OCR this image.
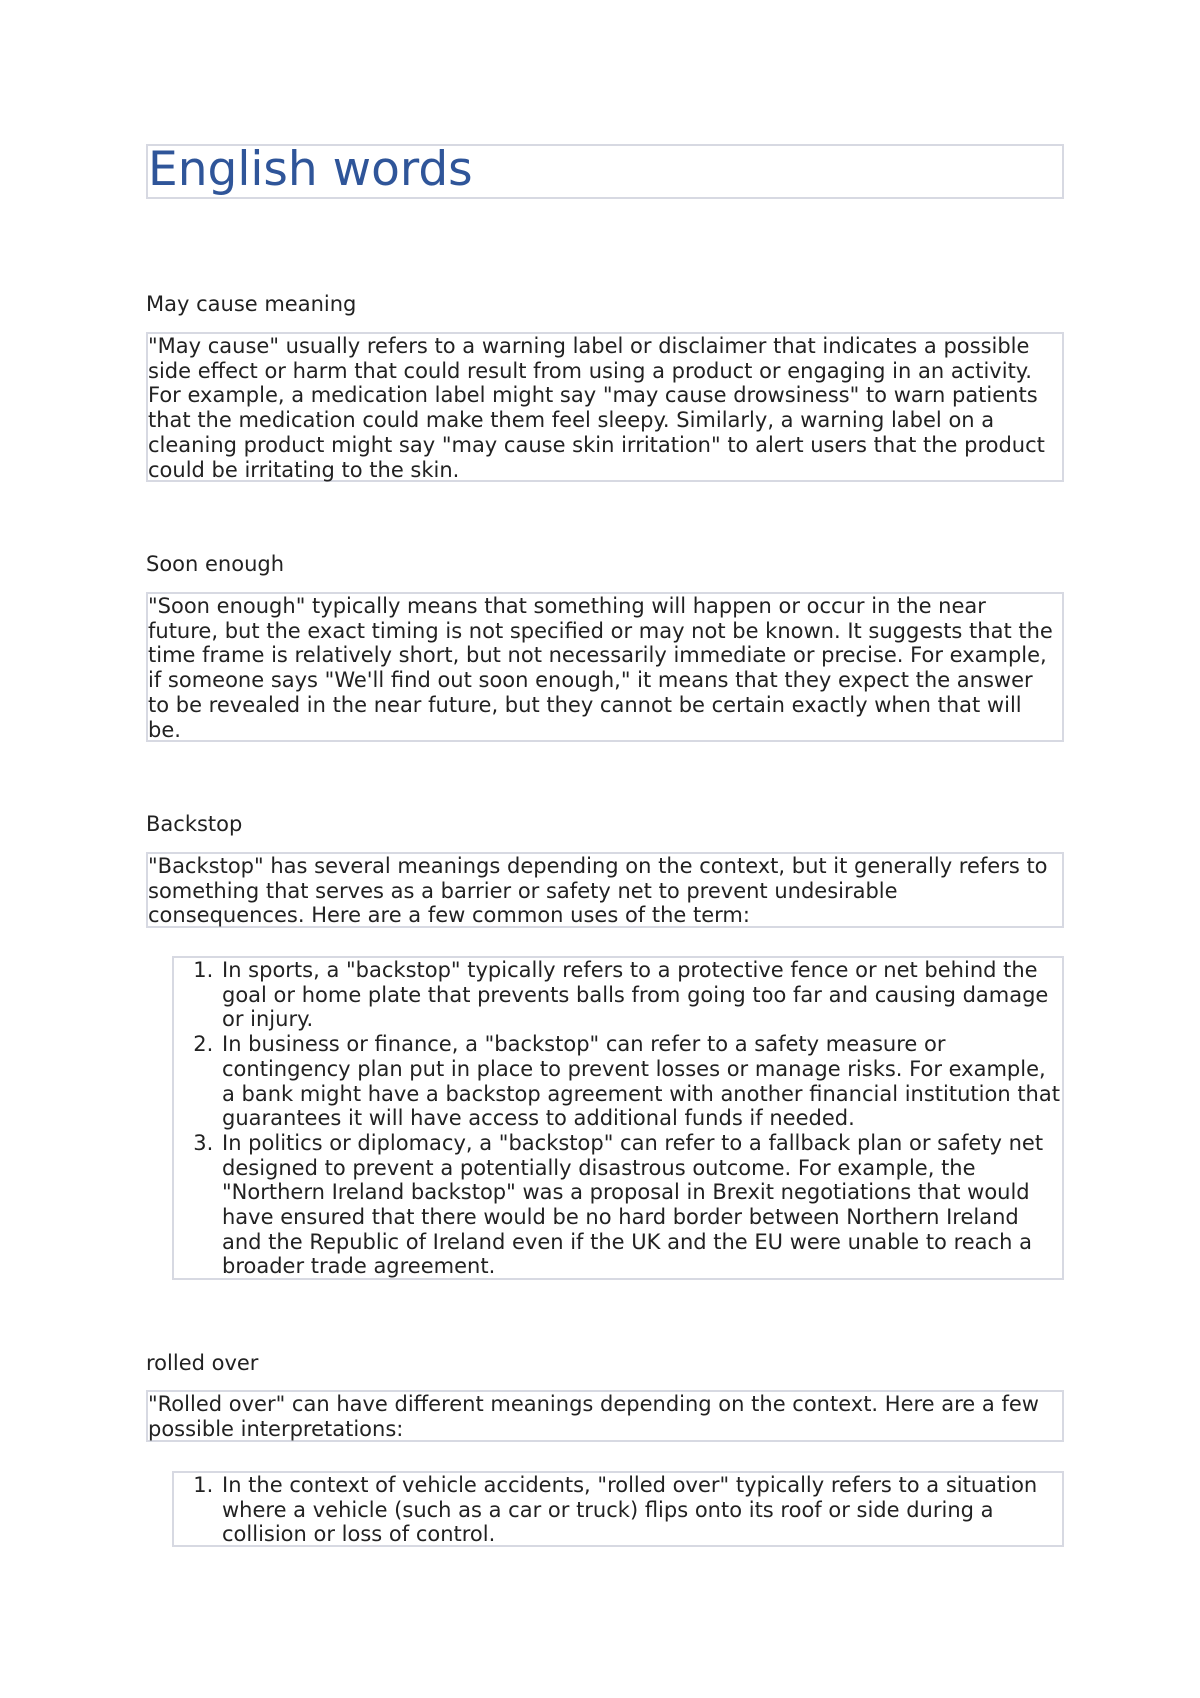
English words

May cause meaning

"May cause" usually refers to a warning label or disclaimer that indicates a possible side effect or harm that could result from using a product or engaging in an activity. For example, a medication label might say "may cause drowsiness" to warn patients that the medication could make them feel sleepy. Similarly, a warning label on a cleaning product might say "may cause skin irritation" to alert users that the product could be irritating to the skin.

Soon enough

"Soon enough" typically means that something will happen or occur in the near future, but the exact timing is not specified or may not be known. It suggests that the time frame is relatively short, but not necessarily immediate or precise. For example, if someone says "We'll find out soon enough," it means that they expect the answer to be revealed in the near future, but they cannot be certain exactly when that will be.

Backstop

"Backstop" has several meanings depending on the context, but it generally refers to something that serves as a barrier or safety net to prevent undesirable consequences. Here are a few common uses of the term:
1. In sports, a "backstop" typically refers to a protective fence or net behind the goal or home plate that prevents balls from going too far and causing damage or injury.
2. In business or finance, a "backstop" can refer to a safety measure or contingency plan put in place to prevent losses or manage risks. For example, a bank might have a backstop agreement with another financial institution that guarantees it will have access to additional funds if needed.
3. In politics or diplomacy, a "backstop" can refer to a fallback plan or safety net designed to prevent a potentially disastrous outcome. For example, the "Northern Ireland backstop" was a proposal in Brexit negotiations that would have ensured that there would be no hard border between Northern Ireland and the Republic of Ireland even if the UK and the EU were unable to reach a broader trade agreement.

rolled over

"Rolled over" can have different meanings depending on the context. Here are a few possible interpretations:
1. In the context of vehicle accidents, "rolled over" typically refers to a situation where a vehicle (such as a car or truck) flips onto its roof or side during a collision or loss of control.
